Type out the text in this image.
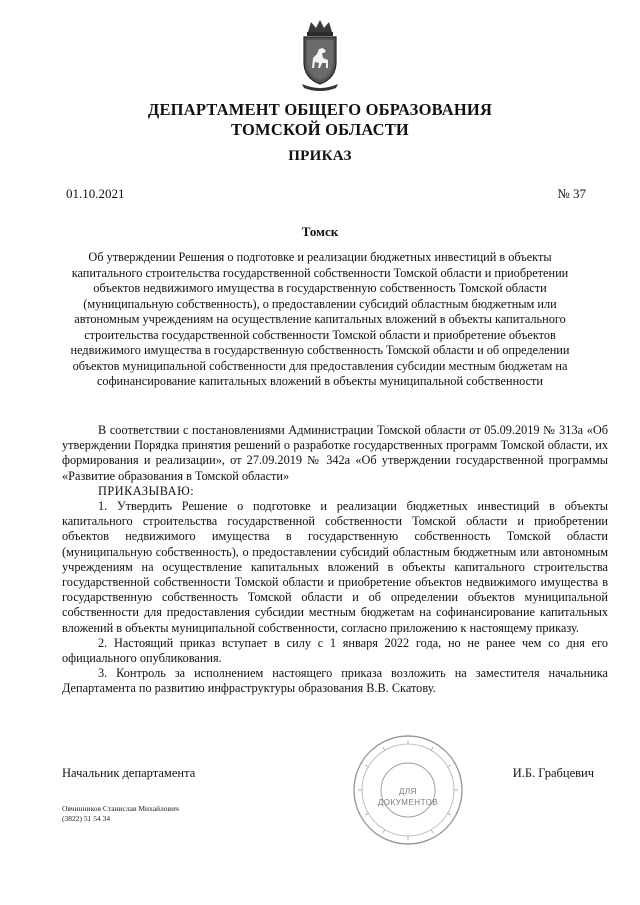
ДЕПАРТАМЕНТ ОБЩЕГО ОБРАЗОВАНИЯ
ТОМСКОЙ ОБЛАСТИ
ПРИКАЗ
01.10.2021	№ 37
Томск
Об утверждении Решения о подготовке и реализации бюджетных инвестиций в объекты капитального строительства государственной собственности Томской области и приобретении объектов недвижимого имущества в государственную собственность Томской области (муниципальную собственность), о предоставлении субсидий областным бюджетным или автономным учреждениям на осуществление капитальных вложений в объекты капитального строительства государственной собственности Томской области и приобретение объектов недвижимого имущества в государственную собственность Томской области и об определении объектов муниципальной собственности для предоставления субсидии местным бюджетам на софинансирование капитальных вложений в объекты муниципальной собственности

В соответствии с постановлениями Администрации Томской области от 05.09.2019 № 313а «Об утверждении Порядка принятия решений о разработке государственных программ Томской области, их формирования и реализации», от 27.09.2019 № 342а «Об утверждении государственной программы «Развитие образования в Томской области»

ПРИКАЗЫВАЮ:

1. Утвердить Решение о подготовке и реализации бюджетных инвестиций в объекты капитального строительства государственной собственности Томской области и приобретении объектов недвижимого имущества в государственную собственность Томской области (муниципальную собственность), о предоставлении субсидий областным бюджетным или автономным учреждениям на осуществление капитальных вложений в объекты капитального строительства государственной собственности Томской области и приобретение объектов недвижимого имущества в государственную собственность Томской области и об определении объектов муниципальной собственности для предоставления субсидии местным бюджетам на софинансирование капитальных вложений в объекты муниципальной собственности, согласно приложению к настоящему приказу.

2. Настоящий приказ вступает в силу с 1 января 2022 года, но не ранее чем со дня его официального опубликования.

3. Контроль за исполнением настоящего приказа возложить на заместителя начальника Департамента по развитию инфраструктуры образования В.В. Скатову.

ДЛЯ
ДОКУМЕНТОВ
Начальник департамента	И.Б. Грабцевич
Овчинников Станислав Михайлович
(3822) 51 54 34
